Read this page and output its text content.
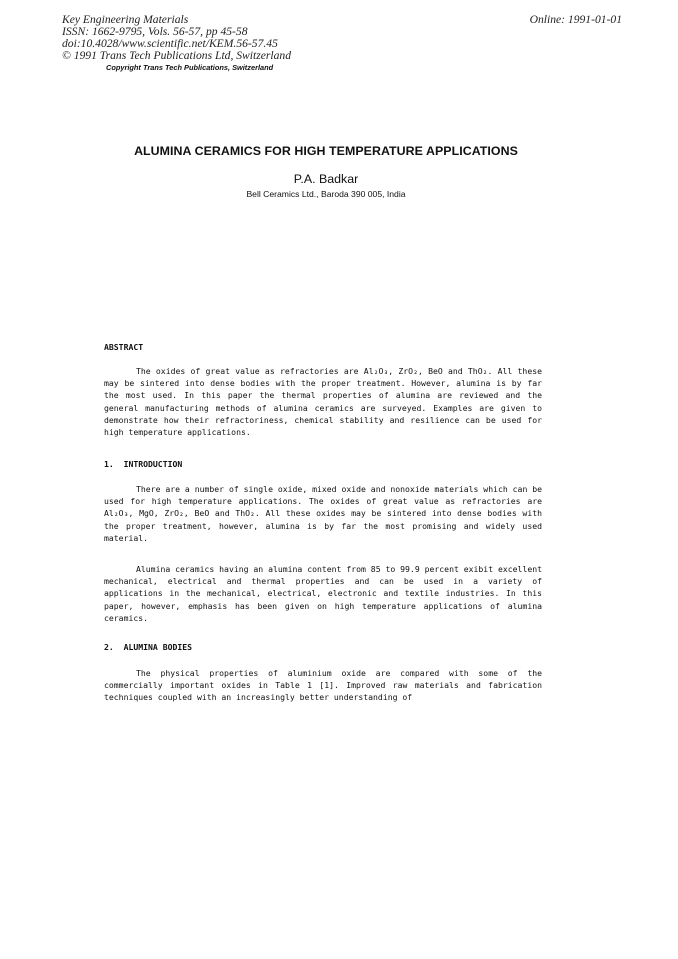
Key Engineering Materials
ISSN: 1662-9795, Vols. 56-57, pp 45-58
doi:10.4028/www.scientific.net/KEM.56-57.45
© 1991 Trans Tech Publications Ltd, Switzerland
Copyright Trans Tech Publications, Switzerland
Online: 1991-01-01
ALUMINA CERAMICS FOR HIGH TEMPERATURE APPLICATIONS
P.A. Badkar
Bell Ceramics Ltd., Baroda 390 005, India
ABSTRACT

The oxides of great value as refractories are Al₂O₃, ZrO₂, BeO and ThO₂. All these may be sintered into dense bodies with the proper treatment. However, alumina is by far the most used. In this paper the thermal properties of alumina are reviewed and the general manufacturing methods of alumina ceramics are surveyed. Examples are given to demonstrate how their refractoriness, chemical stability and resilience can be used for high temperature applications.

1.  INTRODUCTION

There are a number of single oxide, mixed oxide and nonoxide materials which can be used for high temperature applications. The oxides of great value as refractories are Al₂O₃, MgO, ZrO₂, BeO and ThO₂. All these oxides may be sintered into dense bodies with the proper treatment, however, alumina is by far the most promising and widely used material.

Alumina ceramics having an alumina content from 85 to 99.9 percent exibit excellent mechanical, electrical and thermal properties and can be used in a variety of applications in the mechanical, electrical, electronic and textile industries. In this paper, however, emphasis has been given on high temperature applications of alumina ceramics.

2.  ALUMINA BODIES

The physical properties of aluminium oxide are compared with some of the commercially important oxides in Table 1 [1]. Improved raw materials and fabrication techniques coupled with an increasingly better understanding of
